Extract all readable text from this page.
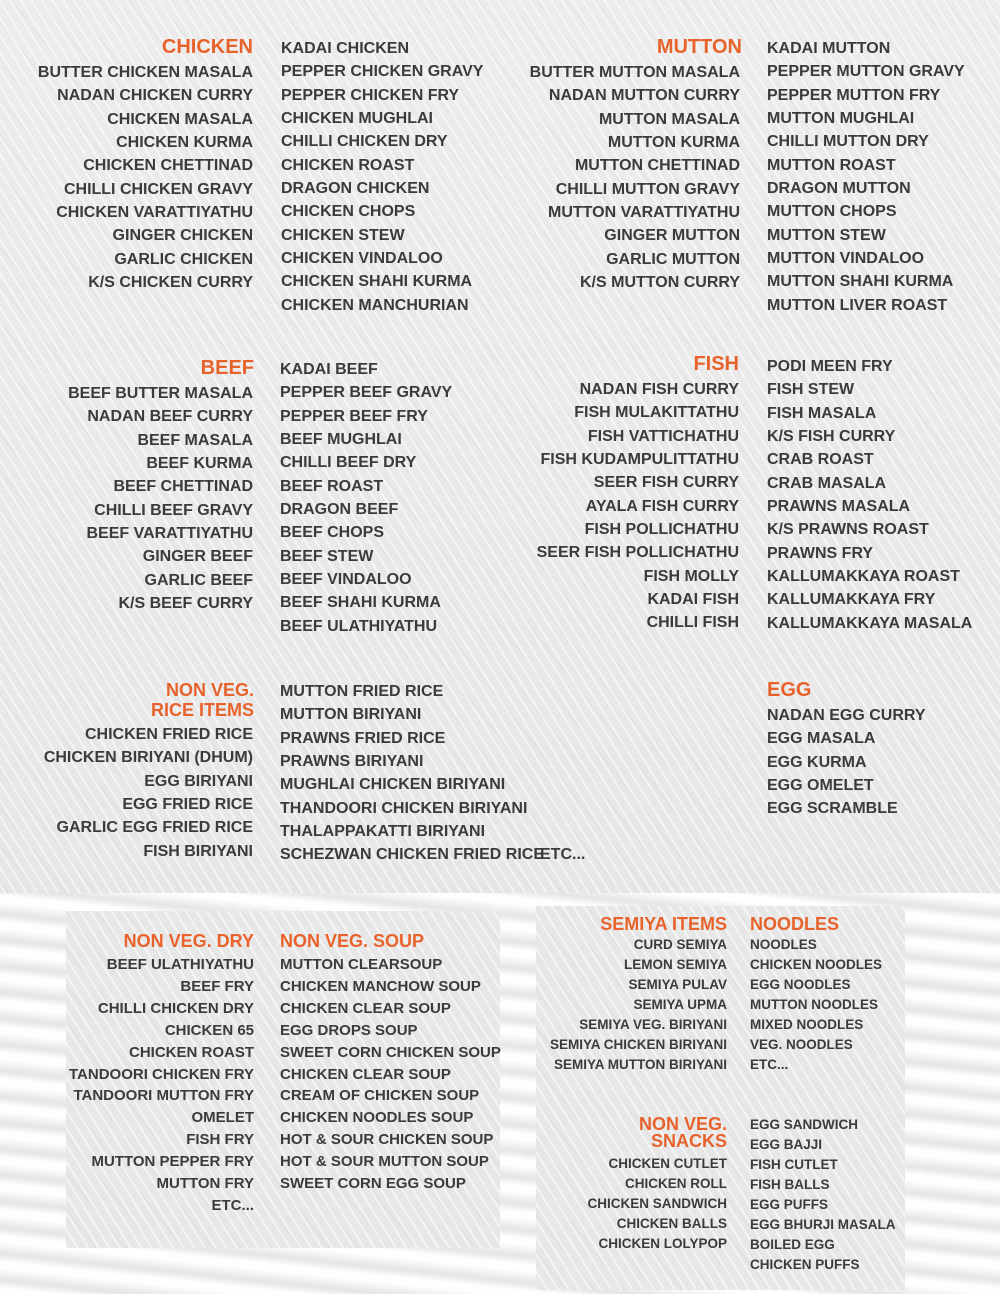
CHICKEN
BUTTER CHICKEN MASALA
NADAN CHICKEN CURRY
CHICKEN MASALA
CHICKEN KURMA
CHICKEN CHETTINAD
CHILLI CHICKEN GRAVY
CHICKEN VARATTIYATHU
GINGER CHICKEN
GARLIC CHICKEN
K/S CHICKEN CURRY
KADAI CHICKEN
PEPPER CHICKEN GRAVY
PEPPER CHICKEN FRY
CHICKEN MUGHLAI
CHILLI CHICKEN DRY
CHICKEN ROAST
DRAGON CHICKEN
CHICKEN CHOPS
CHICKEN STEW
CHICKEN VINDALOO
CHICKEN SHAHI KURMA
CHICKEN MANCHURIAN
MUTTON
BUTTER MUTTON MASALA
NADAN MUTTON CURRY
MUTTON MASALA
MUTTON KURMA
MUTTON CHETTINAD
CHILLI MUTTON GRAVY
MUTTON VARATTIYATHU
GINGER MUTTON
GARLIC MUTTON
K/S MUTTON CURRY
KADAI MUTTON
PEPPER MUTTON GRAVY
PEPPER MUTTON FRY
MUTTON MUGHLAI
CHILLI MUTTON DRY
MUTTON ROAST
DRAGON MUTTON
MUTTON CHOPS
MUTTON STEW
MUTTON VINDALOO
MUTTON SHAHI KURMA
MUTTON LIVER ROAST
BEEF
BEEF BUTTER MASALA
NADAN BEEF CURRY
BEEF MASALA
BEEF KURMA
BEEF CHETTINAD
CHILLI BEEF GRAVY
BEEF VARATTIYATHU
GINGER BEEF
GARLIC BEEF
K/S BEEF CURRY
KADAI BEEF
PEPPER BEEF GRAVY
PEPPER BEEF FRY
BEEF MUGHLAI
CHILLI BEEF DRY
BEEF ROAST
DRAGON BEEF
BEEF CHOPS
BEEF STEW
BEEF VINDALOO
BEEF SHAHI KURMA
BEEF ULATHIYATHU
FISH
NADAN FISH CURRY
FISH MULAKITTATHU
FISH VATTICHATHU
FISH KUDAMPULITTATHU
SEER FISH CURRY
AYALA FISH CURRY
FISH POLLICHATHU
SEER FISH POLLICHATHU
FISH MOLLY
KADAI FISH
CHILLI FISH
PODI MEEN FRY
FISH STEW
FISH MASALA
K/S FISH CURRY
CRAB ROAST
CRAB MASALA
PRAWNS MASALA
K/S PRAWNS ROAST
PRAWNS FRY
KALLUMAKKAYA ROAST
KALLUMAKKAYA FRY
KALLUMAKKAYA MASALA
NON VEG.
RICE ITEMS
CHICKEN FRIED RICE
CHICKEN BIRIYANI (DHUM)
EGG BIRIYANI
EGG FRIED RICE
GARLIC EGG FRIED RICE
FISH BIRIYANI
MUTTON FRIED RICE
MUTTON BIRIYANI
PRAWNS FRIED RICE
PRAWNS BIRIYANI
MUGHLAI CHICKEN BIRIYANI
THANDOORI CHICKEN BIRIYANI
THALAPPAKATTI BIRIYANI
SCHEZWAN CHICKEN FRIED RICE
ETC...
EGG
NADAN EGG CURRY
EGG MASALA
EGG KURMA
EGG OMELET
EGG SCRAMBLE
NON VEG. DRY
BEEF ULATHIYATHU
BEEF FRY
CHILLI CHICKEN DRY
CHICKEN 65
CHICKEN ROAST
TANDOORI CHICKEN FRY
TANDOORI MUTTON FRY
OMELET
FISH FRY
MUTTON PEPPER FRY
MUTTON FRY
ETC...
NON VEG. SOUP
MUTTON CLEARSOUP
CHICKEN MANCHOW SOUP
CHICKEN CLEAR SOUP
EGG DROPS SOUP
SWEET CORN CHICKEN SOUP
CHICKEN CLEAR SOUP
CREAM OF CHICKEN SOUP
CHICKEN NOODLES SOUP
HOT & SOUR CHICKEN SOUP
HOT & SOUR MUTTON SOUP
SWEET CORN EGG SOUP
SEMIYA ITEMS
CURD SEMIYA
LEMON SEMIYA
SEMIYA PULAV
SEMIYA UPMA
SEMIYA VEG. BIRIYANI
SEMIYA CHICKEN BIRIYANI
SEMIYA MUTTON BIRIYANI
NOODLES
NOODLES
CHICKEN NOODLES
EGG NOODLES
MUTTON NOODLES
MIXED NOODLES
VEG. NOODLES
ETC...
NON VEG.
SNACKS
CHICKEN CUTLET
CHICKEN ROLL
CHICKEN SANDWICH
CHICKEN BALLS
CHICKEN LOLYPOP
EGG SANDWICH
EGG BAJJI
FISH CUTLET
FISH BALLS
EGG PUFFS
EGG BHURJI MASALA
BOILED EGG
CHICKEN PUFFS
